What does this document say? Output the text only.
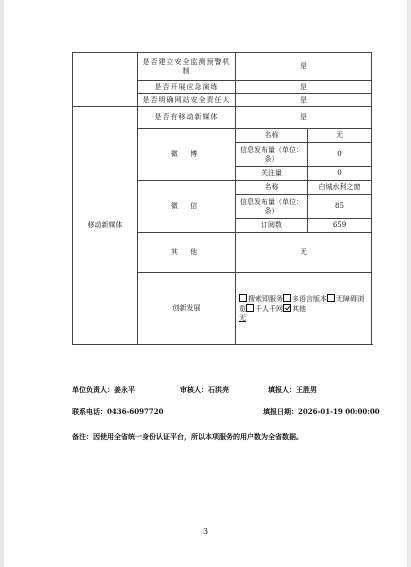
	是否建立安全监测预警机制	是	
	是否开展应急演练	是	
	是否明确网站安全责任人	是	
移动新媒体	是否有移动新媒体	是	
	微 博	名称	无
		信息发布量（单位：条）	0
		关注量	0
	微 信	名称	白城水利之窗
		信息发布量（单位：条）	85
		订阅数	659
	其 他	无	
	创新发展	搜索即服务 多语言版本 无障碍浏览 千人千网 其他
无	
单位负责人：姜永平	审核人：石洪亮	填报人：王胜男
联系电话：0436-6097720	填报日期：2026-01-19 00:00:00
备注：因使用全省统一身份认证平台，所以本项服务的用户数为全省数据。
3
